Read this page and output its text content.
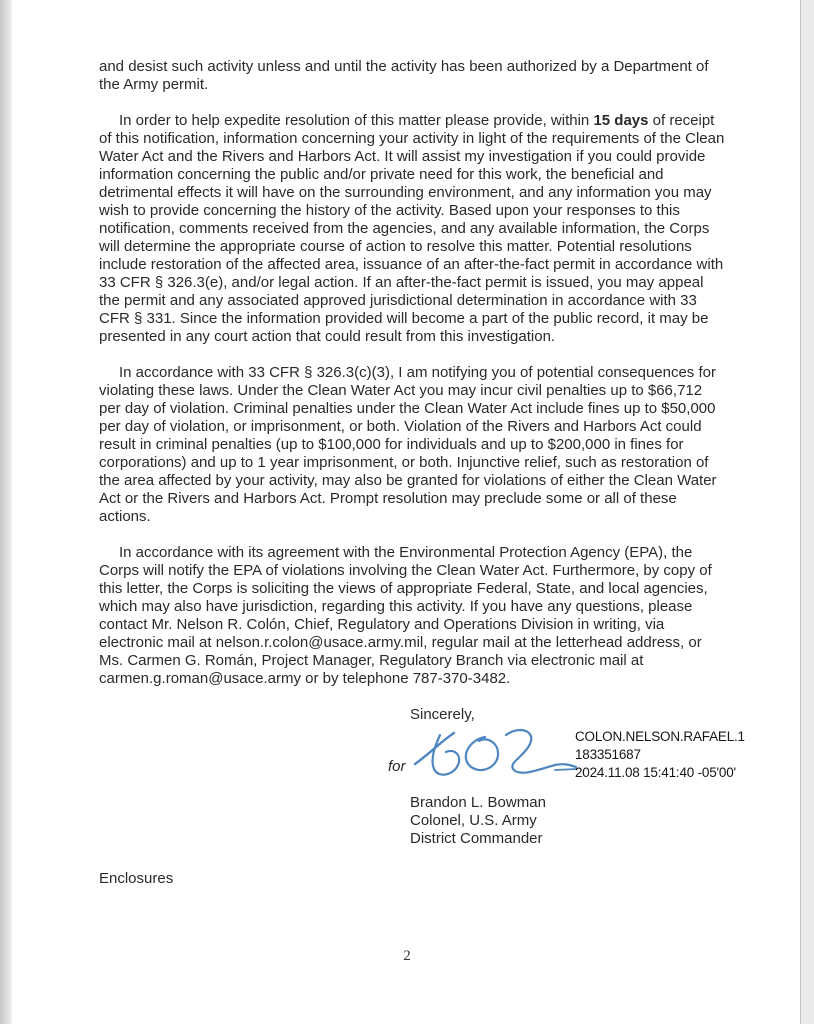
and desist such activity unless and until the activity has been authorized by a Department of the Army permit.

In order to help expedite resolution of this matter please provide, within 15 days of receipt of this notification, information concerning your activity in light of the requirements of the Clean Water Act and the Rivers and Harbors Act. It will assist my investigation if you could provide information concerning the public and/or private need for this work, the beneficial and detrimental effects it will have on the surrounding environment, and any information you may wish to provide concerning the history of the activity. Based upon your responses to this notification, comments received from the agencies, and any available information, the Corps will determine the appropriate course of action to resolve this matter. Potential resolutions include restoration of the affected area, issuance of an after-the-fact permit in accordance with 33 CFR § 326.3(e), and/or legal action. If an after-the-fact permit is issued, you may appeal the permit and any associated approved jurisdictional determination in accordance with 33 CFR § 331. Since the information provided will become a part of the public record, it may be presented in any court action that could result from this investigation.

In accordance with 33 CFR § 326.3(c)(3), I am notifying you of potential consequences for violating these laws. Under the Clean Water Act you may incur civil penalties up to $66,712 per day of violation. Criminal penalties under the Clean Water Act include fines up to $50,000 per day of violation, or imprisonment, or both. Violation of the Rivers and Harbors Act could result in criminal penalties (up to $100,000 for individuals and up to $200,000 in fines for corporations) and up to 1 year imprisonment, or both. Injunctive relief, such as restoration of the area affected by your activity, may also be granted for violations of either the Clean Water Act or the Rivers and Harbors Act. Prompt resolution may preclude some or all of these actions.

In accordance with its agreement with the Environmental Protection Agency (EPA), the Corps will notify the EPA of violations involving the Clean Water Act. Furthermore, by copy of this letter, the Corps is soliciting the views of appropriate Federal, State, and local agencies, which may also have jurisdiction, regarding this activity. If you have any questions, please contact Mr. Nelson R. Colón, Chief, Regulatory and Operations Division in writing, via electronic mail at nelson.r.colon@usace.army.mil, regular mail at the letterhead address, or Ms. Carmen G. Román, Project Manager, Regulatory Branch via electronic mail at carmen.g.roman@usace.army or by telephone 787-370-3482.

Sincerely,
for
COLON.NELSON.RAFAEL.1
183351687
2024.11.08 15:41:40 -05'00'
Brandon L. Bowman
Colonel, U.S. Army
District Commander
Enclosures
2
